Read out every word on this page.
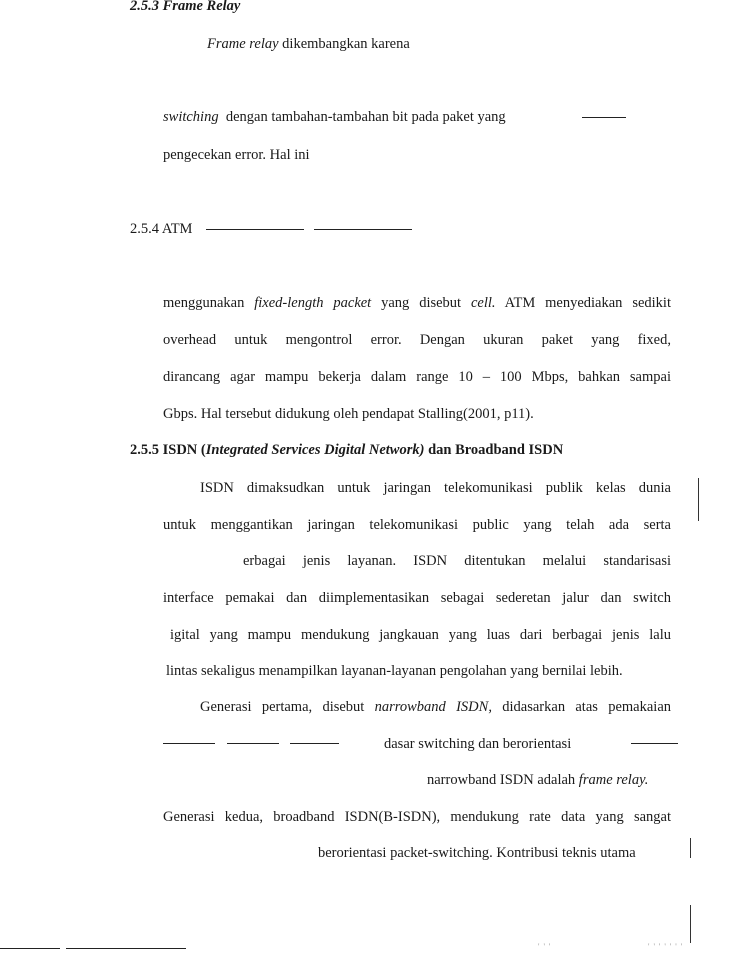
2.5.3 Frame Relay
Frame relay dikembangkan karena
switching dengan tambahan-tambahan bit pada paket yang
pengecekan error. Hal ini
2.5.4 ATM
menggunakan fixed-length packet yang disebut cell. ATM menyediakan sedikit
overhead untuk mengontrol error. Dengan ukuran paket yang fixed,
dirancang agar mampu bekerja dalam range 10 – 100 Mbps, bahkan sampai
Gbps. Hal tersebut didukung oleh pendapat Stalling(2001, p11).
2.5.5 ISDN (Integrated Services Digital Network) dan Broadband ISDN
ISDN dimaksudkan untuk jaringan telekomunikasi publik kelas dunia
untuk menggantikan jaringan telekomunikasi public yang telah ada serta
erbagai jenis layanan. ISDN ditentukan melalui standarisasi
interface pemakai dan diimplementasikan sebagai sederetan jalur dan switch
igital yang mampu mendukung jangkauan yang luas dari berbagai jenis lalu
lintas sekaligus menampilkan layanan-layanan pengolahan yang bernilai lebih.
Generasi pertama, disebut narrowband ISDN, didasarkan atas pemakaian
dasar switching dan berorientasi
narrowband ISDN adalah frame relay.
Generasi kedua, broadband ISDN(B-ISDN), mendukung rate data yang sangat
berorientasi packet-switching. Kontribusi teknis utama
' ' '	' ' ' ' ' ' '
